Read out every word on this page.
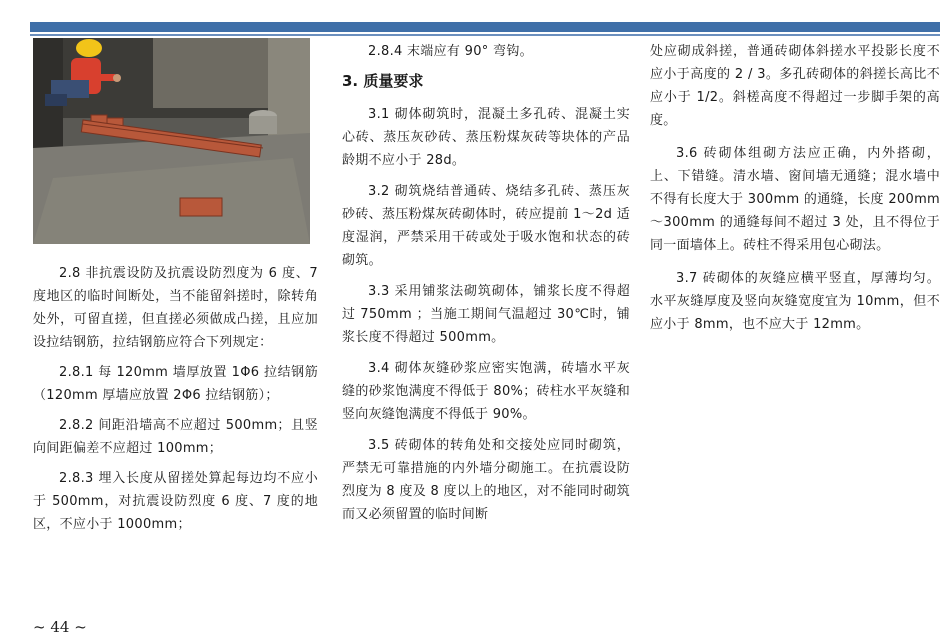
2.8 非抗震设防及抗震设防烈度为 6 度、7 度地区的临时间断处，当不能留斜搓时，除转角处外，可留直搓，但直搓必须做成凸搓，且应加设拉结钢筋，拉结钢筋应符合下列规定：

2.8.1 每 120mm 墙厚放置 1Φ6 拉结钢筋（120mm 厚墙应放置 2Φ6 拉结钢筋）；

2.8.2 间距沿墙高不应超过 500mm；且竖向间距偏差不应超过 100mm；

2.8.3 埋入长度从留搓处算起每边均不应小于 500mm，对抗震设防烈度 6 度、7 度的地区，不应小于 1000mm；

2.8.4 末端应有 90° 弯钩。

3. 质量要求

3.1 砌体砌筑时，混凝土多孔砖、混凝土实心砖、蒸压灰砂砖、蒸压粉煤灰砖等块体的产品龄期不应小于 28d。

3.2 砌筑烧结普通砖、烧结多孔砖、蒸压灰砂砖、蒸压粉煤灰砖砌体时，砖应提前 1～2d 适度湿润，严禁采用干砖或处于吸水饱和状态的砖砌筑。

3.3 采用铺浆法砌筑砌体，铺浆长度不得超过 750mm ；当施工期间气温超过 30℃时，铺浆长度不得超过 500mm。

3.4 砌体灰缝砂浆应密实饱满，砖墙水平灰缝的砂浆饱满度不得低于 80%；砖柱水平灰缝和竖向灰缝饱满度不得低于 90%。

3.5 砖砌体的转角处和交接处应同时砌筑，严禁无可靠措施的内外墙分砌施工。在抗震设防烈度为 8 度及 8 度以上的地区，对不能同时砌筑而又必须留置的临时间断

处应砌成斜搓，普通砖砌体斜搓水平投影长度不应小于高度的 2 / 3。多孔砖砌体的斜搓长高比不应小于 1/2。斜槎高度不得超过一步脚手架的高度。

3.6 砖砌体组砌方法应正确，内外搭砌，上、下错缝。清水墙、窗间墙无通缝；混水墙中不得有长度大于 300mm 的通缝，长度 200mm～300mm 的通缝每间不超过 3 处，且不得位于同一面墙体上。砖柱不得采用包心砌法。

3.7 砖砌体的灰缝应横平竖直，厚薄均匀。水平灰缝厚度及竖向灰缝宽度宜为 10mm，但不应小于 8mm，也不应大于 12mm。

~ 44 ~
